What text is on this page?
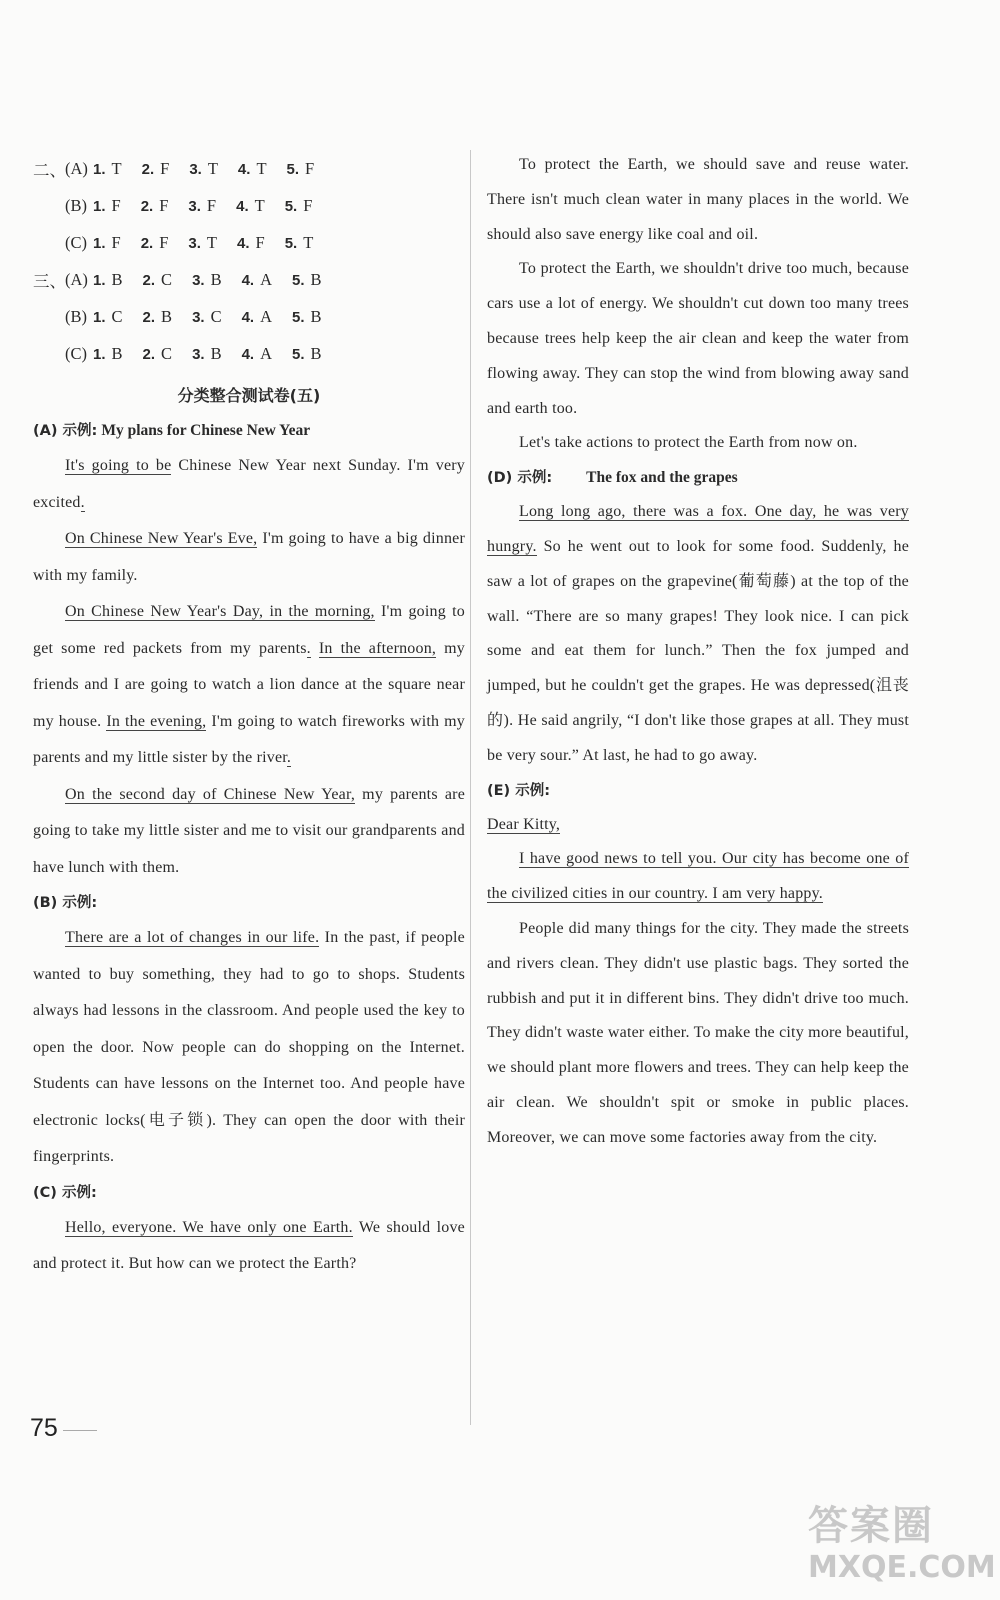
二、 (A) 1. T 2. F 3. T 4. T 5. F
(B) 1. F 2. F 3. F 4. T 5. F
(C) 1. F 2. F 3. T 4. F 5. T
三、 (A) 1. B 2. C 3. B 4. A 5. B
(B) 1. C 2. B 3. C 4. A 5. B
(C) 1. B 2. C 3. B 4. A 5. B
分类整合测试卷(五)
(A) 示例: My plans for Chinese New Year

It's going to be Chinese New Year next Sunday. I'm very excited.

On Chinese New Year's Eve, I'm going to have a big dinner with my family.

On Chinese New Year's Day, in the morning, I'm going to get some red packets from my parents. In the afternoon, my friends and I are going to watch a lion dance at the square near my house. In the evening, I'm going to watch fireworks with my parents and my little sister by the river.

On the second day of Chinese New Year, my parents are going to take my little sister and me to visit our grandparents and have lunch with them.

(B) 示例:

There are a lot of changes in our life. In the past, if people wanted to buy something, they had to go to shops. Students always had lessons in the classroom. And people used the key to open the door. Now people can do shopping on the Internet. Students can have lessons on the Internet too. And people have electronic locks(电子锁). They can open the door with their fingerprints.

(C) 示例:

Hello, everyone. We have only one Earth. We should love and protect it. But how can we protect the Earth?

To protect the Earth, we should save and reuse water. There isn't much clean water in many places in the world. We should also save energy like coal and oil.

To protect the Earth, we shouldn't drive too much, because cars use a lot of energy. We shouldn't cut down too many trees because trees help keep the air clean and keep the water from flowing away. They can stop the wind from blowing away sand and earth too.

Let's take actions to protect the Earth from now on.

(D) 示例: The fox and the grapes

Long long ago, there was a fox. One day, he was very hungry. So he went out to look for some food. Suddenly, he saw a lot of grapes on the grapevine(葡萄藤) at the top of the wall. “There are so many grapes! They look nice. I can pick some and eat them for lunch.” Then the fox jumped and jumped, but he couldn't get the grapes. He was depressed(沮丧的). He said angrily, “I don't like those grapes at all. They must be very sour.” At last, he had to go away.

(E) 示例:

Dear Kitty,

I have good news to tell you. Our city has become one of the civilized cities in our country. I am very happy.

People did many things for the city. They made the streets and rivers clean. They didn't use plastic bags. They sorted the rubbish and put it in different bins. They didn't drive too much. They didn't waste water either. To make the city more beautiful, we should plant more flowers and trees. They can help keep the air clean. We shouldn't spit or smoke in public places. Moreover, we can move some factories away from the city.

75
答案圈
MXQE.COM
